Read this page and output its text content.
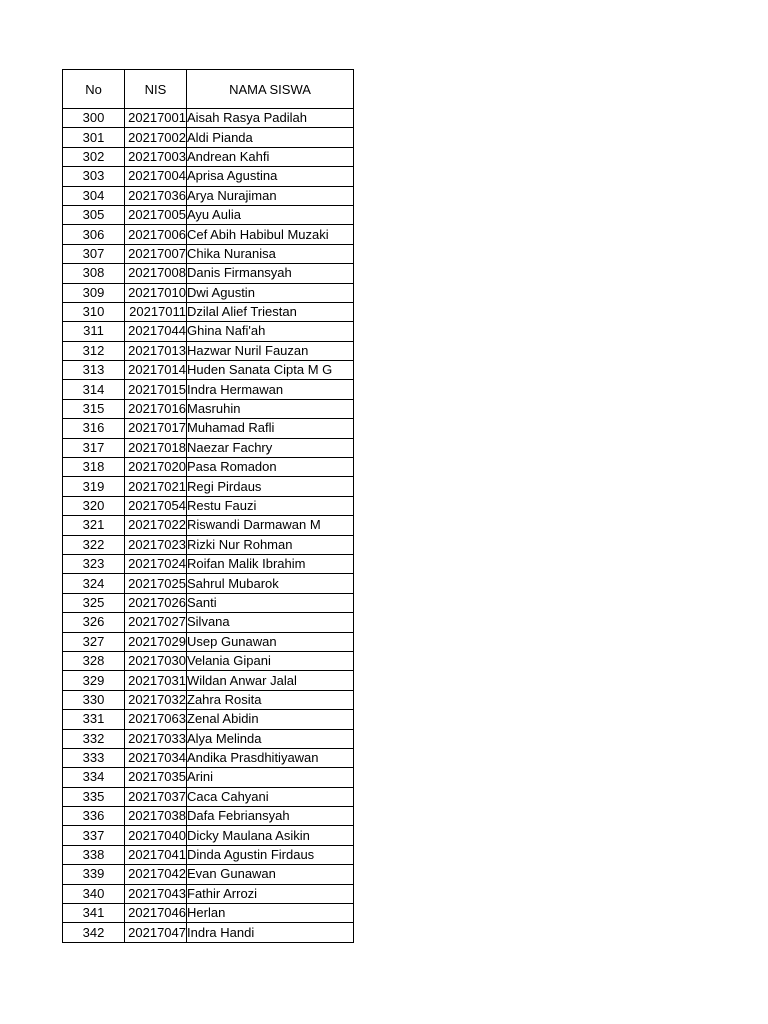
No	NIS	NAMA SISWA
300	20217001	Aisah Rasya Padilah
301	20217002	Aldi Pianda
302	20217003	Andrean Kahfi
303	20217004	Aprisa Agustina
304	20217036	Arya Nurajiman
305	20217005	Ayu Aulia
306	20217006	Cef Abih Habibul Muzaki
307	20217007	Chika Nuranisa
308	20217008	Danis Firmansyah
309	20217010	Dwi Agustin
310	20217011	Dzilal Alief Triestan
311	20217044	Ghina Nafi'ah
312	20217013	Hazwar Nuril Fauzan
313	20217014	Huden Sanata Cipta M G
314	20217015	Indra Hermawan
315	20217016	Masruhin
316	20217017	Muhamad Rafli
317	20217018	Naezar Fachry
318	20217020	Pasa Romadon
319	20217021	Regi Pirdaus
320	20217054	Restu Fauzi
321	20217022	Riswandi Darmawan M
322	20217023	Rizki Nur Rohman
323	20217024	Roifan Malik Ibrahim
324	20217025	Sahrul Mubarok
325	20217026	Santi
326	20217027	Silvana
327	20217029	Usep Gunawan
328	20217030	Velania Gipani
329	20217031	Wildan Anwar Jalal
330	20217032	Zahra Rosita
331	20217063	Zenal Abidin
332	20217033	Alya Melinda
333	20217034	Andika Prasdhitiyawan
334	20217035	Arini
335	20217037	Caca Cahyani
336	20217038	Dafa Febriansyah
337	20217040	Dicky Maulana Asikin
338	20217041	Dinda Agustin Firdaus
339	20217042	Evan Gunawan
340	20217043	Fathir Arrozi
341	20217046	Herlan
342	20217047	Indra Handi
